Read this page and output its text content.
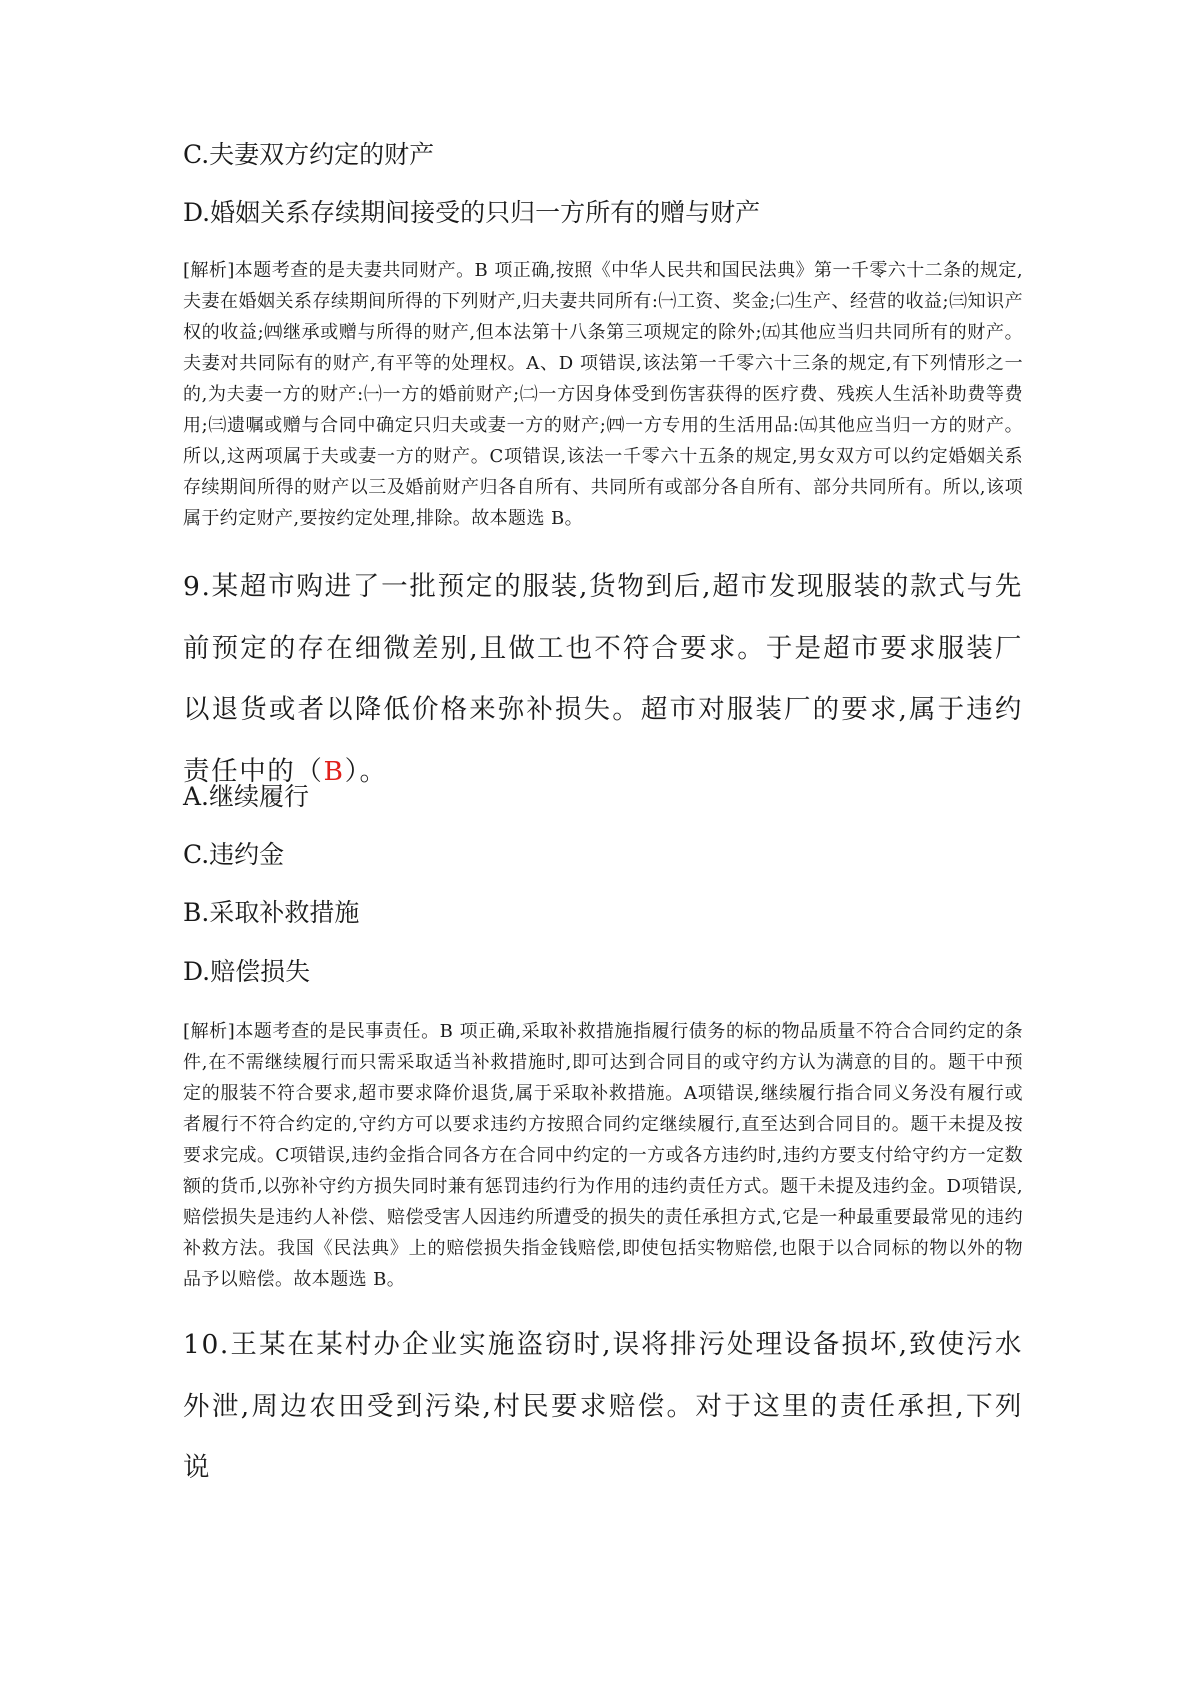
C.夫妻双方约定的财产
D.婚姻关系存续期间接受的只归一方所有的赠与财产
[解析]本题考查的是夫妻共同财产。B 项正确,按照《中华人民共和国民法典》第一千零六十二条的规定,夫妻在婚姻关系存续期间所得的下列财产,归夫妻共同所有:㈠工资、奖金;㈡生产、经营的收益;㈢知识产权的收益;㈣继承或赠与所得的财产,但本法第十八条第三项规定的除外;㈤其他应当归共同所有的财产。夫妻对共同际有的财产,有平等的处理权。A、D 项错误,该法第一千零六十三条的规定,有下列情形之一的,为夫妻一方的财产:㈠一方的婚前财产;㈡一方因身体受到伤害获得的医疗费、残疾人生活补助费等费用;㈢遗嘱或赠与合同中确定只归夫或妻一方的财产;㈣一方专用的生活用品:㈤其他应当归一方的财产。所以,这两项属于夫或妻一方的财产。C项错误,该法一千零六十五条的规定,男女双方可以约定婚姻关系存续期间所得的财产以三及婚前财产归各自所有、共同所有或部分各自所有、部分共同所有。所以,该项属于约定财产,要按约定处理,排除。故本题选 B。
9.某超市购进了一批预定的服装,货物到后,超市发现服装的款式与先前预定的存在细微差别,且做工也不符合要求。于是超市要求服装厂以退货或者以降低价格来弥补损失。超市对服装厂的要求,属于违约责任中的（B）。
A.继续履行
C.违约金
B.采取补救措施
D.赔偿损失
[解析]本题考查的是民事责任。B 项正确,采取补救措施指履行债务的标的物品质量不符合合同约定的条件,在不需继续履行而只需采取适当补救措施时,即可达到合同目的或守约方认为满意的目的。题干中预定的服装不符合要求,超市要求降价退货,属于采取补救措施。A项错误,继续履行指合同义务没有履行或者履行不符合约定的,守约方可以要求违约方按照合同约定继续履行,直至达到合同目的。题干未提及按要求完成。C项错误,违约金指合同各方在合同中约定的一方或各方违约时,违约方要支付给守约方一定数额的货币,以弥补守约方损失同时兼有惩罚违约行为作用的违约责任方式。题干未提及违约金。D项错误,赔偿损失是违约人补偿、赔偿受害人因违约所遭受的损失的责任承担方式,它是一种最重要最常见的违约补救方法。我国《民法典》上的赔偿损失指金钱赔偿,即使包括实物赔偿,也限于以合同标的物以外的物品予以赔偿。故本题选 B。
10.王某在某村办企业实施盗窃时,误将排污处理设备损坏,致使污水外泄,周边农田受到污染,村民要求赔偿。对于这里的责任承担,下列说
